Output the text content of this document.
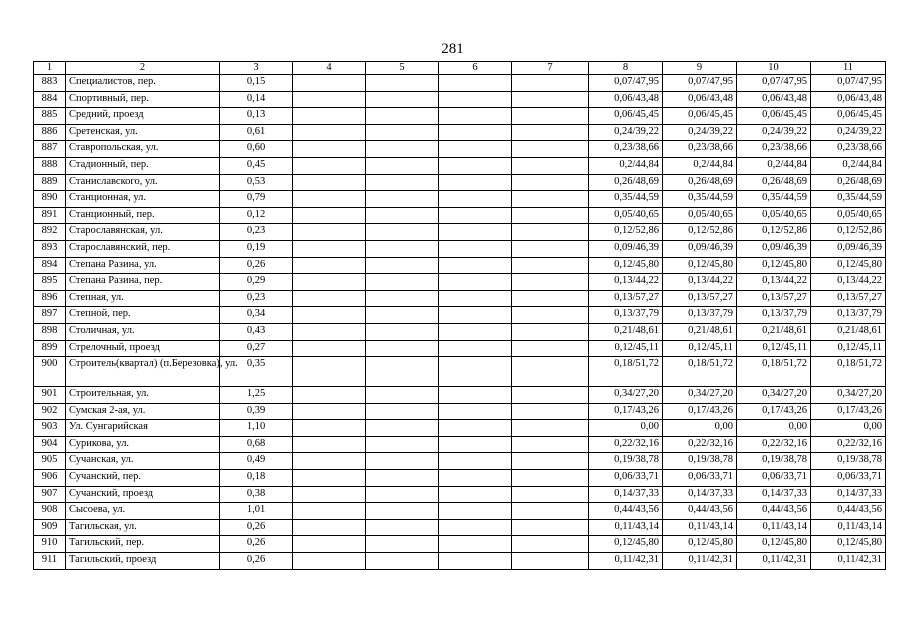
281
1	2	3	4	5	6	7	8	9	10	11
883	Специалистов, пер.	0,15					0,07/47,95	0,07/47,95	0,07/47,95	0,07/47,95
884	Спортивный, пер.	0,14					0,06/43,48	0,06/43,48	0,06/43,48	0,06/43,48
885	Средний, проезд	0,13					0,06/45,45	0,06/45,45	0,06/45,45	0,06/45,45
886	Сретенская, ул.	0,61					0,24/39,22	0,24/39,22	0,24/39,22	0,24/39,22
887	Ставропольская, ул.	0,60					0,23/38,66	0,23/38,66	0,23/38,66	0,23/38,66
888	Стадионный, пер.	0,45					0,2/44,84	0,2/44,84	0,2/44,84	0,2/44,84
889	Станиславского, ул.	0,53					0,26/48,69	0,26/48,69	0,26/48,69	0,26/48,69
890	Станционная, ул.	0,79					0,35/44,59	0,35/44,59	0,35/44,59	0,35/44,59
891	Станционный, пер.	0,12					0,05/40,65	0,05/40,65	0,05/40,65	0,05/40,65
892	Старославянская, ул.	0,23					0,12/52,86	0,12/52,86	0,12/52,86	0,12/52,86
893	Старославянский, пер.	0,19					0,09/46,39	0,09/46,39	0,09/46,39	0,09/46,39
894	Степана Разина, ул.	0,26					0,12/45,80	0,12/45,80	0,12/45,80	0,12/45,80
895	Степана Разина, пер.	0,29					0,13/44,22	0,13/44,22	0,13/44,22	0,13/44,22
896	Степная, ул.	0,23					0,13/57,27	0,13/57,27	0,13/57,27	0,13/57,27
897	Степной, пер.	0,34					0,13/37,79	0,13/37,79	0,13/37,79	0,13/37,79
898	Столичная, ул.	0,43					0,21/48,61	0,21/48,61	0,21/48,61	0,21/48,61
899	Стрелочный, проезд	0,27					0,12/45,11	0,12/45,11	0,12/45,11	0,12/45,11
900	Строитель(квартал) (п.Березовка), ул.	0,35					0,18/51,72	0,18/51,72	0,18/51,72	0,18/51,72
901	Строительная, ул.	1,25					0,34/27,20	0,34/27,20	0,34/27,20	0,34/27,20
902	Сумская 2-ая, ул.	0,39					0,17/43,26	0,17/43,26	0,17/43,26	0,17/43,26
903	Ул. Сунгарийская	1,10					0,00	0,00	0,00	0,00
904	Сурикова, ул.	0,68					0,22/32,16	0,22/32,16	0,22/32,16	0,22/32,16
905	Сучанская, ул.	0,49					0,19/38,78	0,19/38,78	0,19/38,78	0,19/38,78
906	Сучанский, пер.	0,18					0,06/33,71	0,06/33,71	0,06/33,71	0,06/33,71
907	Сучанский, проезд	0,38					0,14/37,33	0,14/37,33	0,14/37,33	0,14/37,33
908	Сысоева, ул.	1,01					0,44/43,56	0,44/43,56	0,44/43,56	0,44/43,56
909	Тагильская, ул.	0,26					0,11/43,14	0,11/43,14	0,11/43,14	0,11/43,14
910	Тагильский, пер.	0,26					0,12/45,80	0,12/45,80	0,12/45,80	0,12/45,80
911	Тагильский, проезд	0,26					0,11/42,31	0,11/42,31	0,11/42,31	0,11/42,31
